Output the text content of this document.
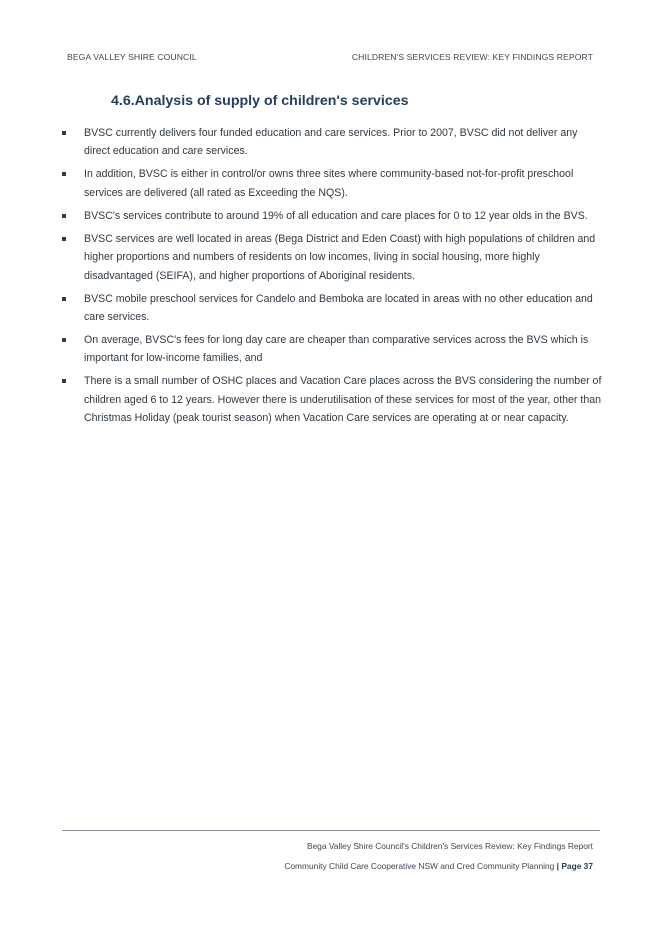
BEGA VALLEY SHIRE COUNCIL	CHILDREN'S SERVICES REVIEW: KEY FINDINGS REPORT
4.6.Analysis of supply of children's services
BVSC currently delivers four funded education and care services. Prior to 2007, BVSC did not deliver any direct education and care services.
In addition, BVSC is either in control/or owns three sites where community-based not-for-profit preschool services are delivered (all rated as Exceeding the NQS).
BVSC's services contribute to around 19% of all education and care places for 0 to 12 year olds in the BVS.
BVSC services are well located in areas (Bega District and Eden Coast) with high populations of children and higher proportions and numbers of residents on low incomes, living in social housing, more highly disadvantaged (SEIFA), and higher proportions of Aboriginal residents.
BVSC mobile preschool services for Candelo and Bemboka are located in areas with no other education and care services.
On average, BVSC's fees for long day care are cheaper than comparative services across the BVS which is important for low-income families, and
There is a small number of OSHC places and Vacation Care places across the BVS considering the number of children aged 6 to 12 years. However there is underutilisation of these services for most of the year, other than Christmas Holiday (peak tourist season) when Vacation Care services are operating at or near capacity.
Bega Valley Shire Council's Children's Services Review: Key Findings Report
Community Child Care Cooperative NSW and Cred Community Planning | Page 37
